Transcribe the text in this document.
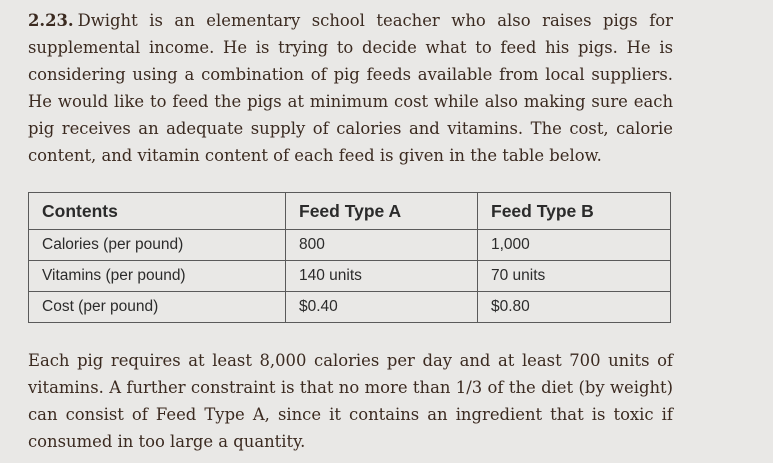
2.23. Dwight is an elementary school teacher who also raises pigs for supplemental income. He is trying to decide what to feed his pigs. He is considering using a combination of pig feeds available from local suppliers. He would like to feed the pigs at minimum cost while also making sure each pig receives an adequate supply of calories and vitamins. The cost, calorie content, and vitamin content of each feed is given in the table below.

Contents	Feed Type A	Feed Type B
Calories (per pound)	800	1,000
Vitamins (per pound)	140 units	70 units
Cost (per pound)	$0.40	$0.80

Each pig requires at least 8,000 calories per day and at least 700 units of vitamins. A further constraint is that no more than 1/3 of the diet (by weight) can consist of Feed Type A, since it contains an ingredient that is toxic if consumed in too large a quantity.
